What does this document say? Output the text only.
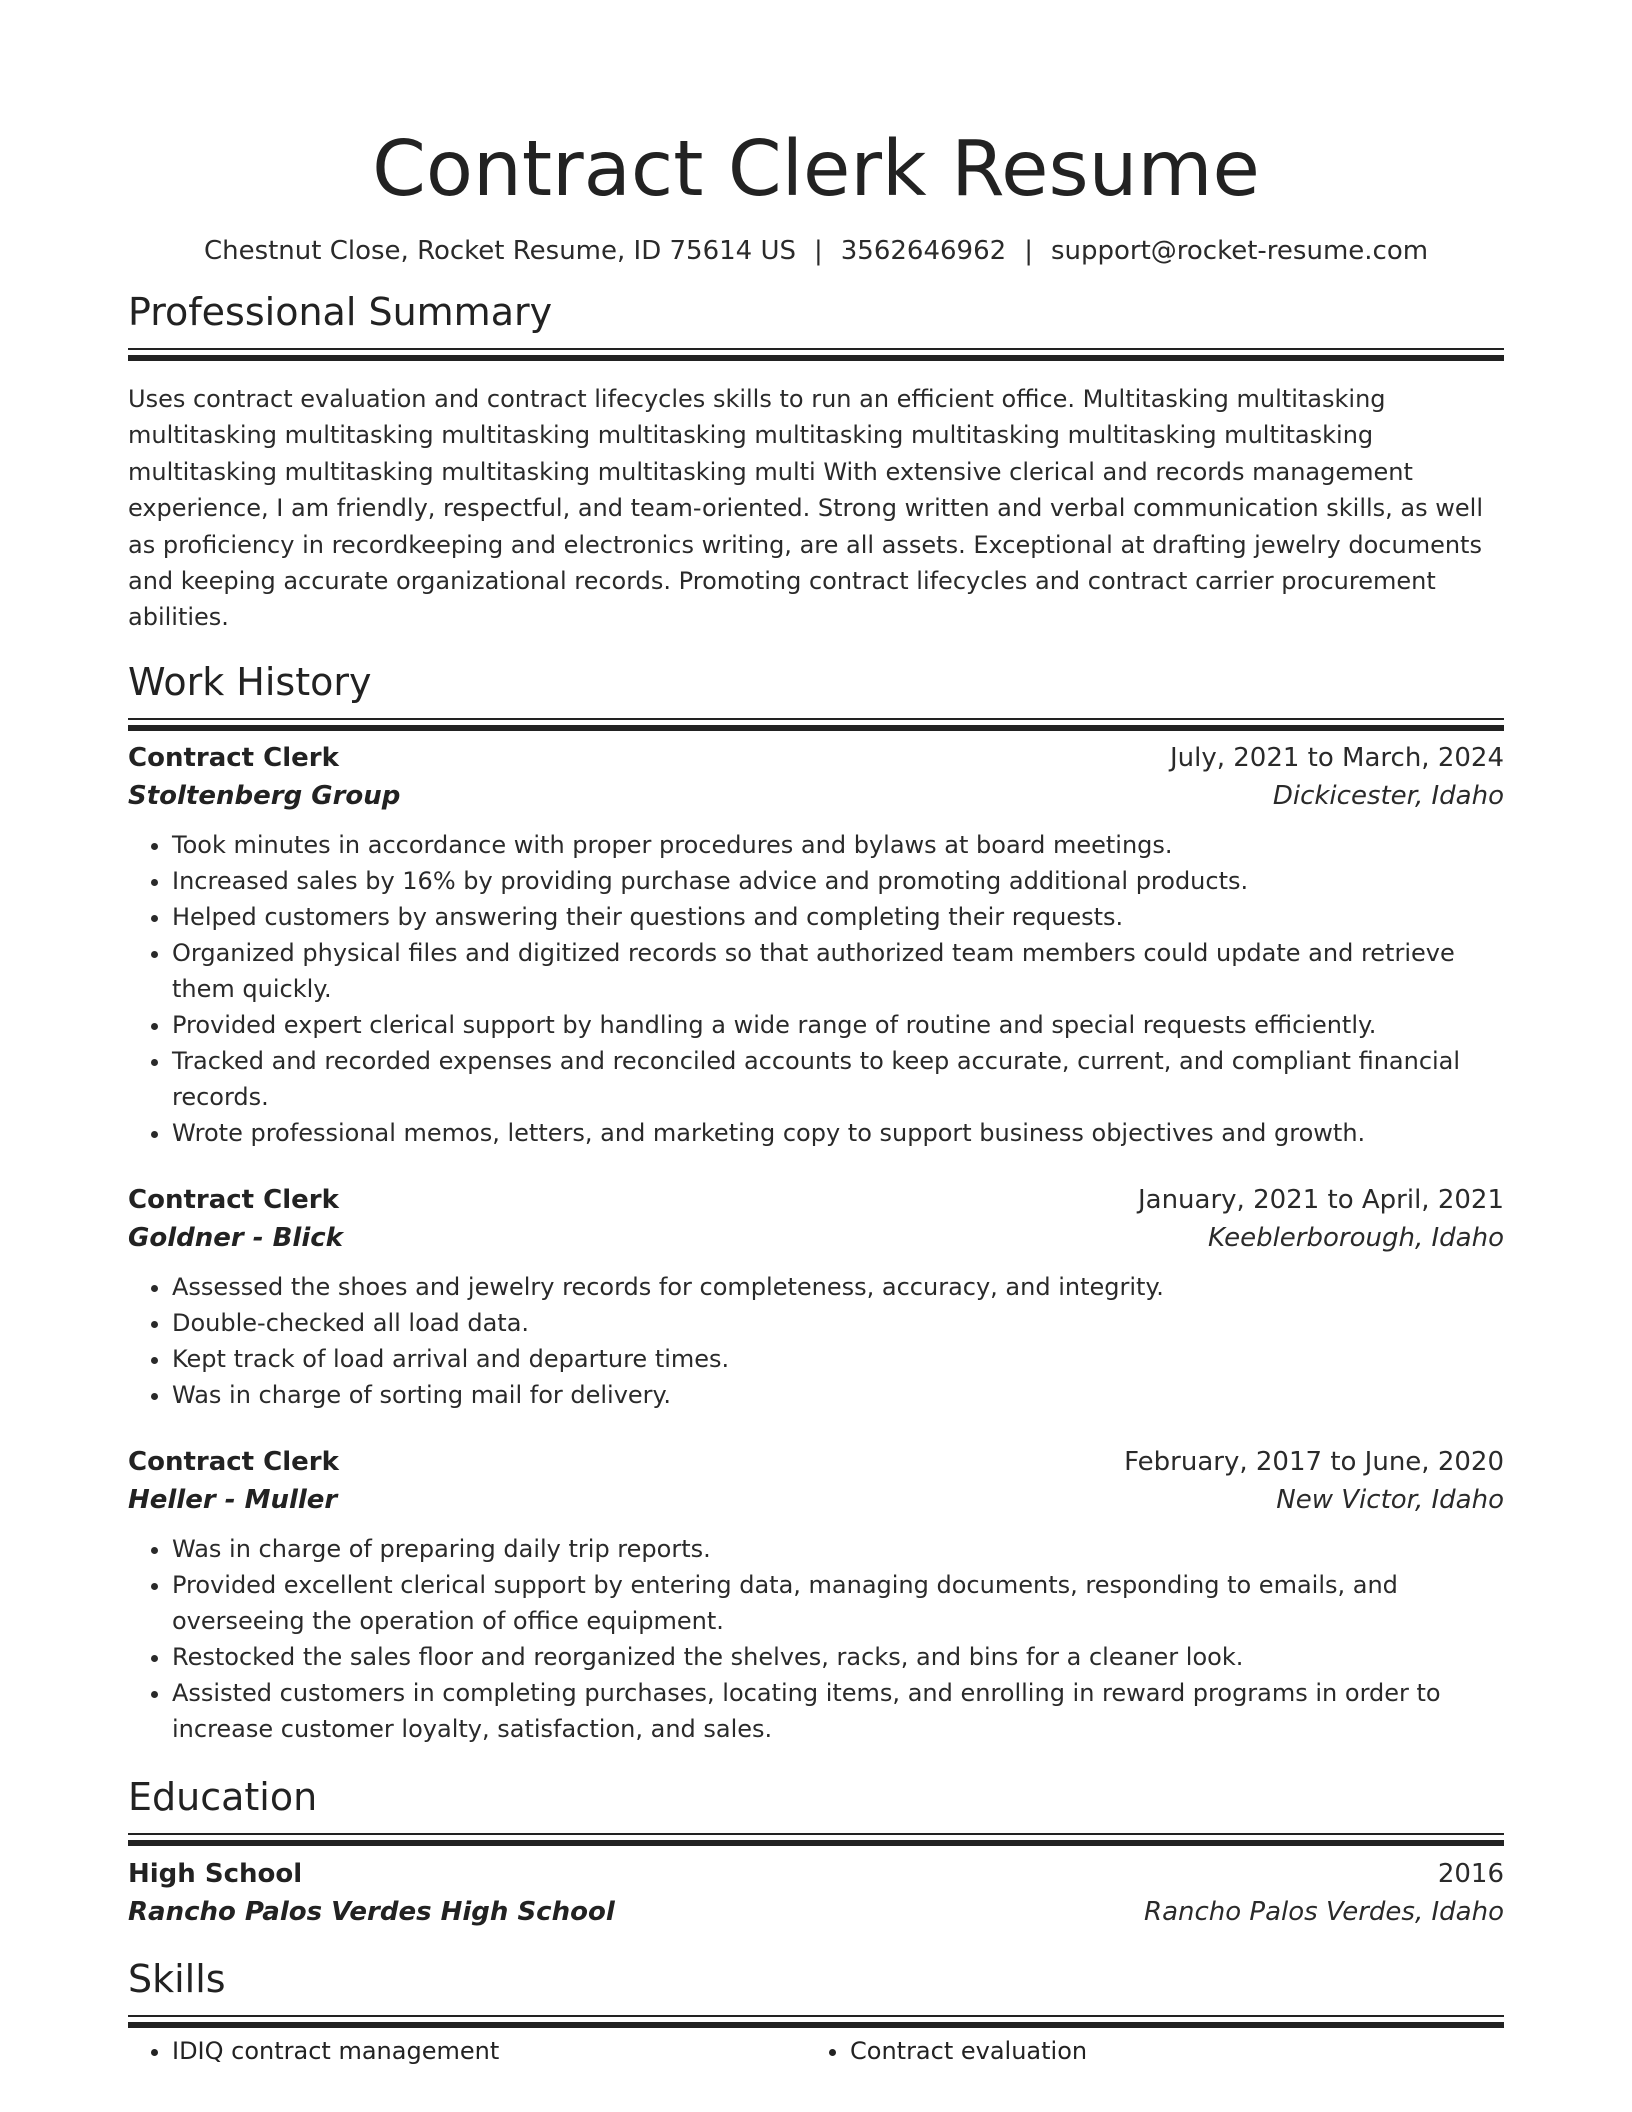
Contract Clerk Resume
Chestnut Close, Rocket Resume, ID 75614 US | 3562646962 | support@rocket-resume.com
Professional Summary
Uses contract evaluation and contract lifecycles skills to run an efficient office. Multitasking multitasking multitasking multitasking multitasking multitasking multitasking multitasking multitasking multitasking multitasking multitasking multitasking multitasking multi With extensive clerical and records management experience, I am friendly, respectful, and team-oriented. Strong written and verbal communication skills, as well as proficiency in recordkeeping and electronics writing, are all assets. Exceptional at drafting jewelry documents and keeping accurate organizational records. Promoting contract lifecycles and contract carrier procurement abilities.
Work History
Contract Clerk	July, 2021 to March, 2024
Stoltenberg Group	Dickicester, Idaho
• Took minutes in accordance with proper procedures and bylaws at board meetings.
• Increased sales by 16% by providing purchase advice and promoting additional products.
• Helped customers by answering their questions and completing their requests.
• Organized physical files and digitized records so that authorized team members could update and retrieve them quickly.
• Provided expert clerical support by handling a wide range of routine and special requests efficiently.
• Tracked and recorded expenses and reconciled accounts to keep accurate, current, and compliant financial records.
• Wrote professional memos, letters, and marketing copy to support business objectives and growth.
Contract Clerk	January, 2021 to April, 2021
Goldner - Blick	Keeblerborough, Idaho
• Assessed the shoes and jewelry records for completeness, accuracy, and integrity.
• Double-checked all load data.
• Kept track of load arrival and departure times.
• Was in charge of sorting mail for delivery.
Contract Clerk	February, 2017 to June, 2020
Heller - Muller	New Victor, Idaho
• Was in charge of preparing daily trip reports.
• Provided excellent clerical support by entering data, managing documents, responding to emails, and overseeing the operation of office equipment.
• Restocked the sales floor and reorganized the shelves, racks, and bins for a cleaner look.
• Assisted customers in completing purchases, locating items, and enrolling in reward programs in order to increase customer loyalty, satisfaction, and sales.
Education
High School	2016
Rancho Palos Verdes High School	Rancho Palos Verdes, Idaho
Skills
• IDIQ contract management
•	Contract evaluation
